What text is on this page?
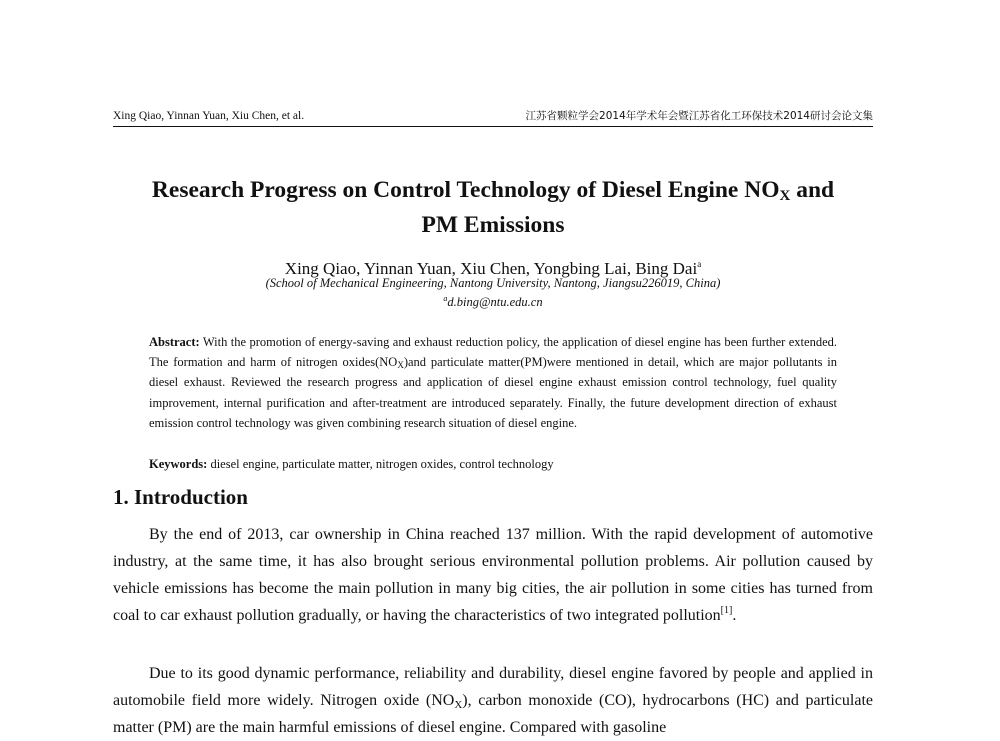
Xing Qiao, Yinnan Yuan, Xiu Chen, et al.	江苏省颗粒学会2014年学术年会暨江苏省化工环保技术2014研讨会论文集
Research Progress on Control Technology of Diesel Engine $NO_X$ and
PM Emissions
Xing Qiao, Yinnan Yuan, Xiu Chen, Yongbing Lai, Bing Dai$^a$
(School of Mechanical Engineering, Nantong University, Nantong, Jiangsu226019, China)
$^a$d.bing@ntu.edu.cn
Abstract: With the promotion of energy-saving and exhaust reduction policy, the application of diesel engine has been further extended. The formation and harm of nitrogen $oxides(NO_X)and$ particulate matter(PM)were mentioned in detail, which are major pollutants in diesel exhaust. Reviewed the research progress and application of diesel engine exhaust emission control technology, fuel quality improvement, internal purification and after-treatment are introduced separately. Finally, the future development direction of exhaust emission control technology was given combining research situation of diesel engine.
Keywords: diesel engine, particulate matter, nitrogen oxides, control technology
1. Introduction

By the end of 2013, car ownership in China reached 137 million. With the rapid development of automotive industry, at the same time, it has also brought serious environmental pollution problems. Air pollution caused by vehicle emissions has become the main pollution in many big cities, the air pollution in some cities has turned from coal to car exhaust pollution gradually, or having the characteristics of two integrated pollution[1].

Due to its good dynamic performance, reliability and durability, diesel engine favored by people and applied in automobile field more widely. Nitrogen oxide $(NO_X)$, carbon monoxide (CO), hydrocarbons (HC) and particulate matter (PM) are the main harmful emissions of diesel engine. Compared with gasoline
